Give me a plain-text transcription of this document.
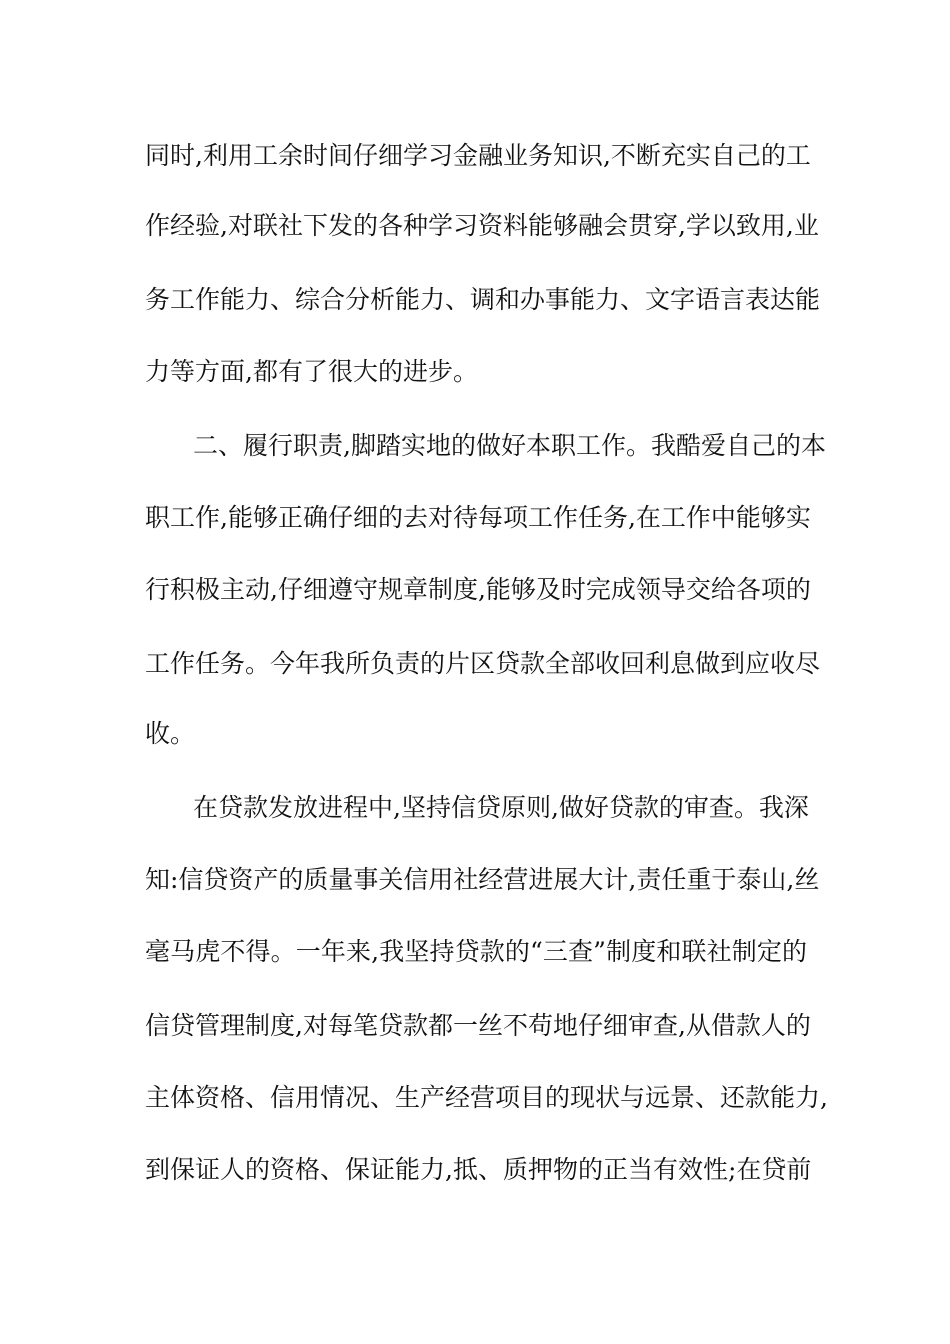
同时,利用工余时间仔细学习金融业务知识,不断充实自己的工

作经验,对联社下发的各种学习资料能够融会贯穿,学以致用,业

务工作能力、综合分析能力、调和办事能力、文字语言表达能

力等方面,都有了很大的进步。

二、履行职责,脚踏实地的做好本职工作。我酷爱自己的本

职工作,能够正确仔细的去对待每项工作任务,在工作中能够实

行积极主动,仔细遵守规章制度,能够及时完成领导交给各项的

工作任务。今年我所负责的片区贷款全部收回利息做到应收尽

收。

在贷款发放进程中,坚持信贷原则,做好贷款的审查。我深

知:信贷资产的质量事关信用社经营进展大计,责任重于泰山,丝

毫马虎不得。一年来,我坚持贷款的“三查”制度和联社制定的

信贷管理制度,对每笔贷款都一丝不苟地仔细审查,从借款人的

主体资格、信用情况、生产经营项目的现状与远景、还款能力,

到保证人的资格、保证能力,抵、质押物的正当有效性;在贷前
